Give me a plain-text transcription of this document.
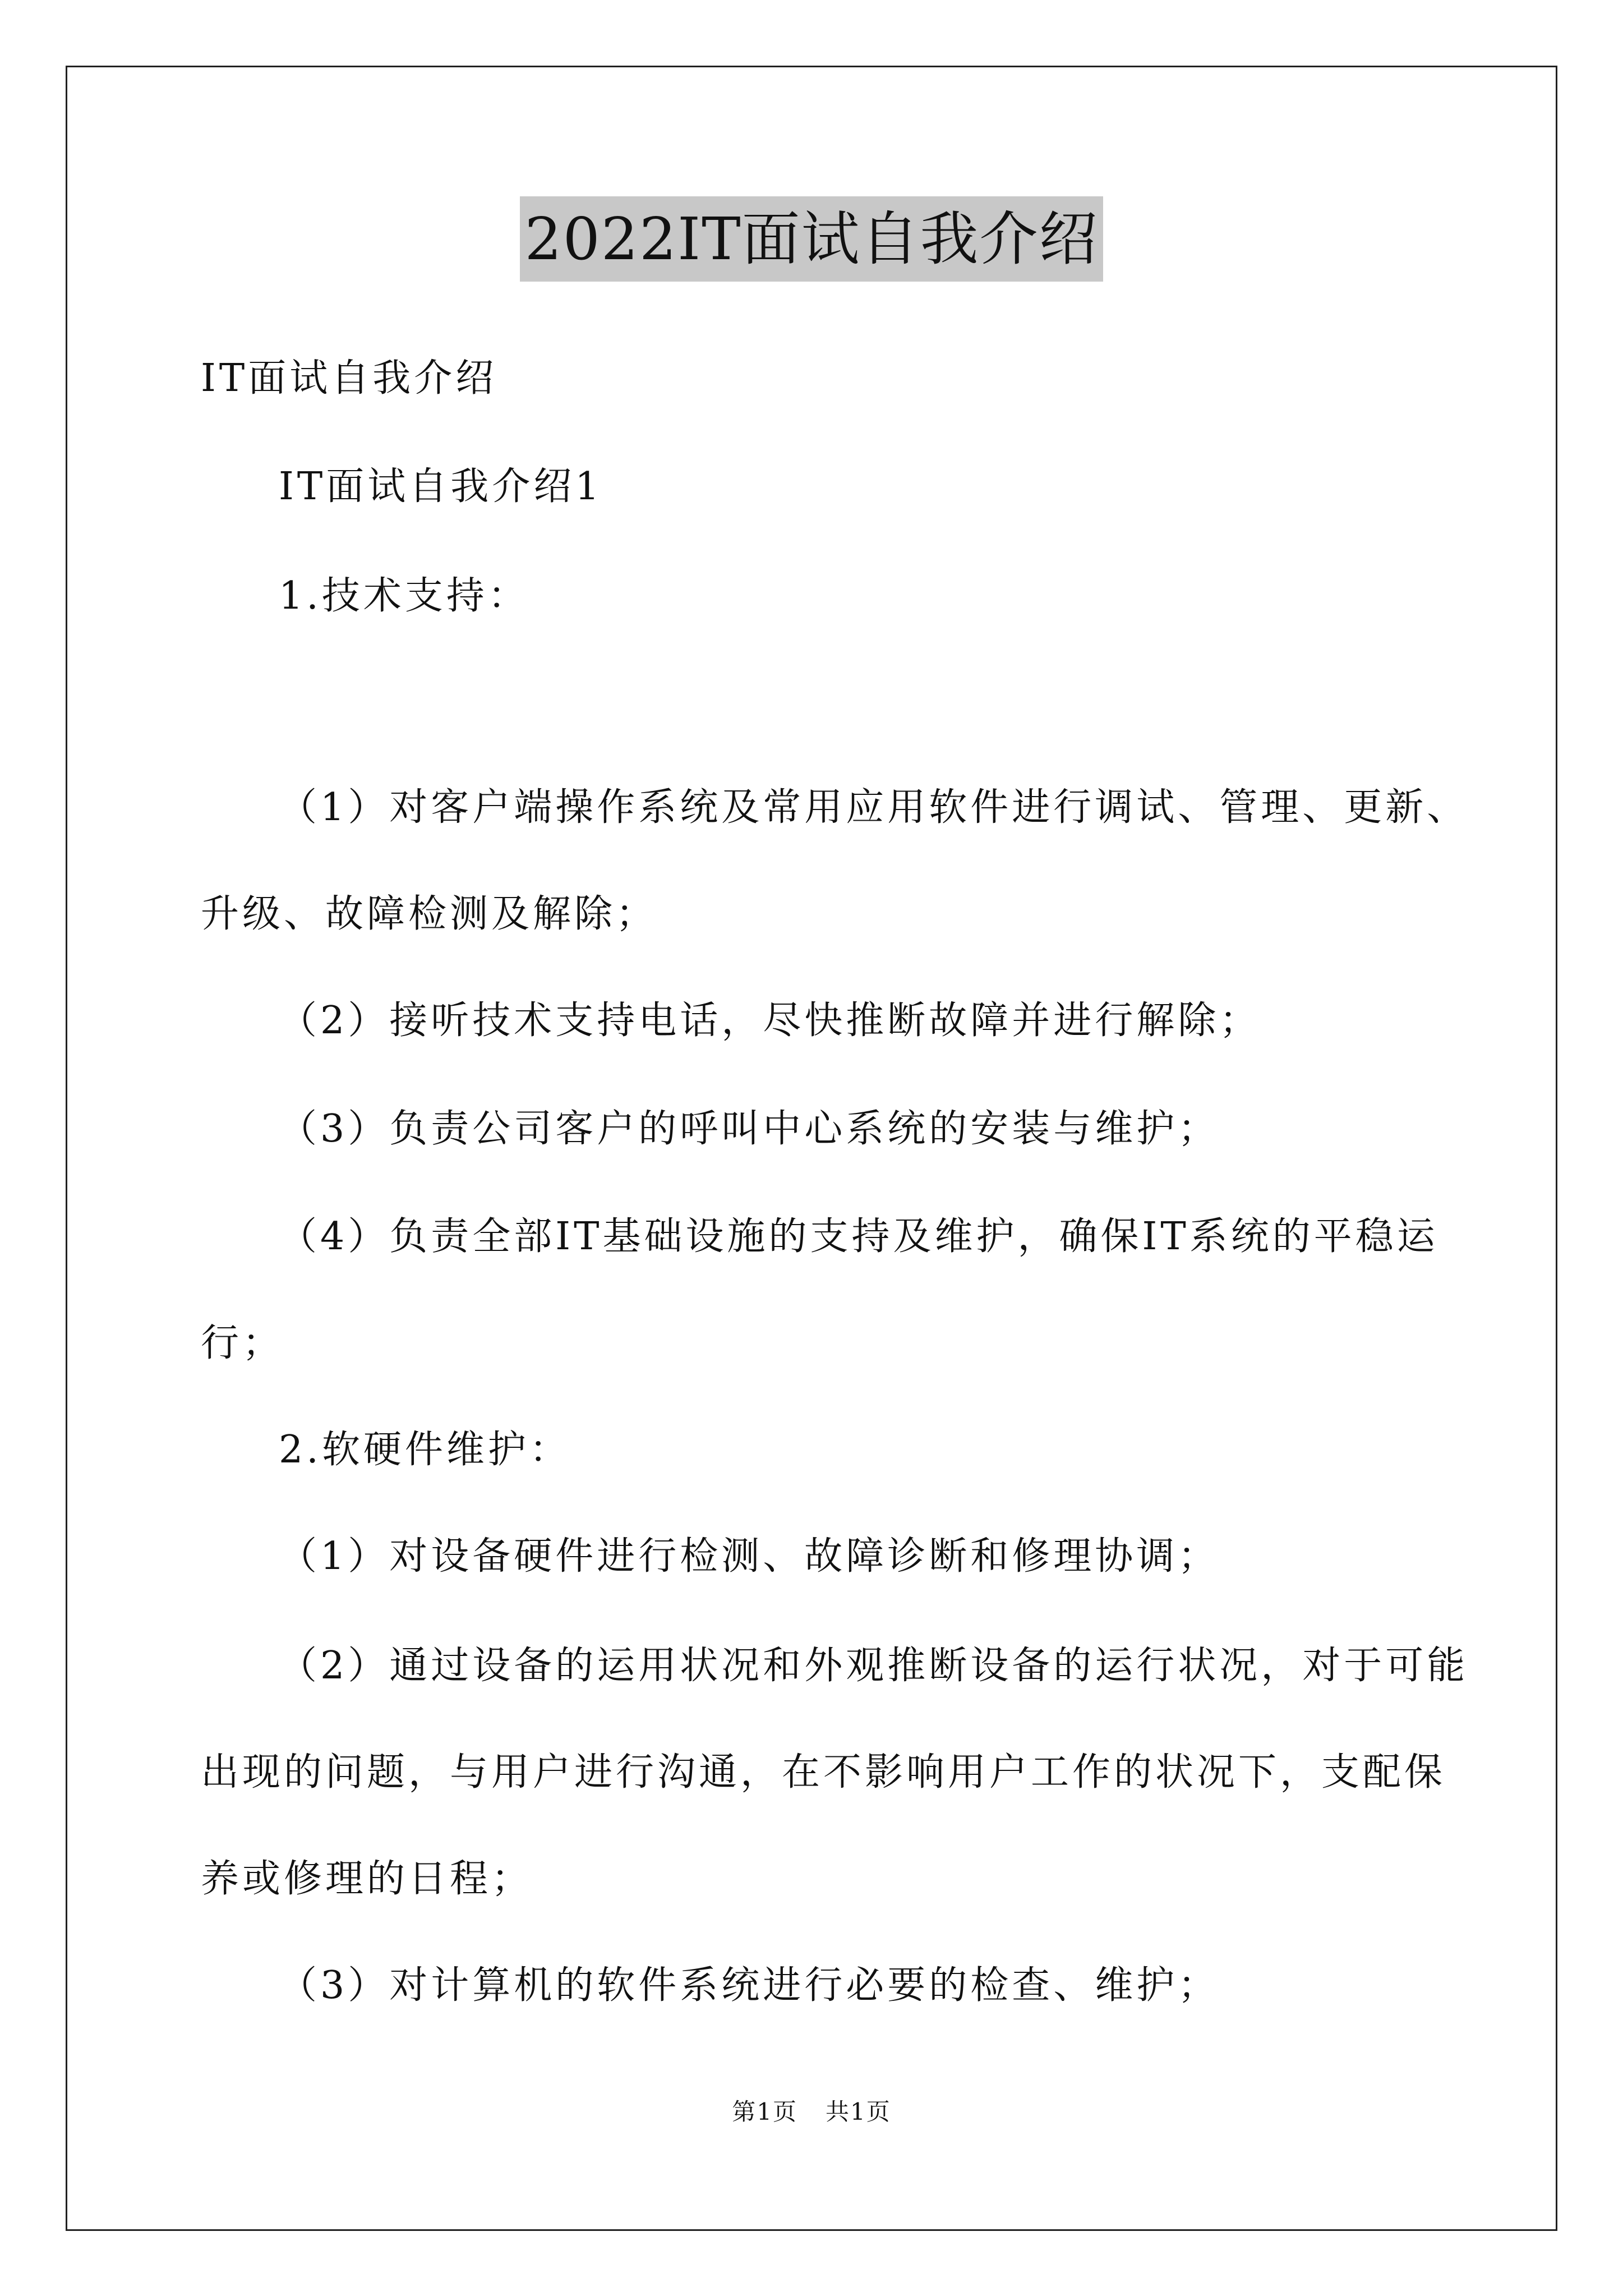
2022IT面试自我介绍

IT面试自我介绍

IT面试自我介绍1

1.技术支持：

（1）对客户端操作系统及常用应用软件进行调试、管理、更新、

升级、故障检测及解除；

（2）接听技术支持电话，尽快推断故障并进行解除；

（3）负责公司客户的呼叫中心系统的安装与维护；

（4）负责全部IT基础设施的支持及维护，确保IT系统的平稳运

行；

2.软硬件维护：

（1）对设备硬件进行检测、故障诊断和修理协调；

（2）通过设备的运用状况和外观推断设备的运行状况，对于可能

出现的问题，与用户进行沟通，在不影响用户工作的状况下，支配保

养或修理的日程；

（3）对计算机的软件系统进行必要的检查、维护；

第1页 共1页
